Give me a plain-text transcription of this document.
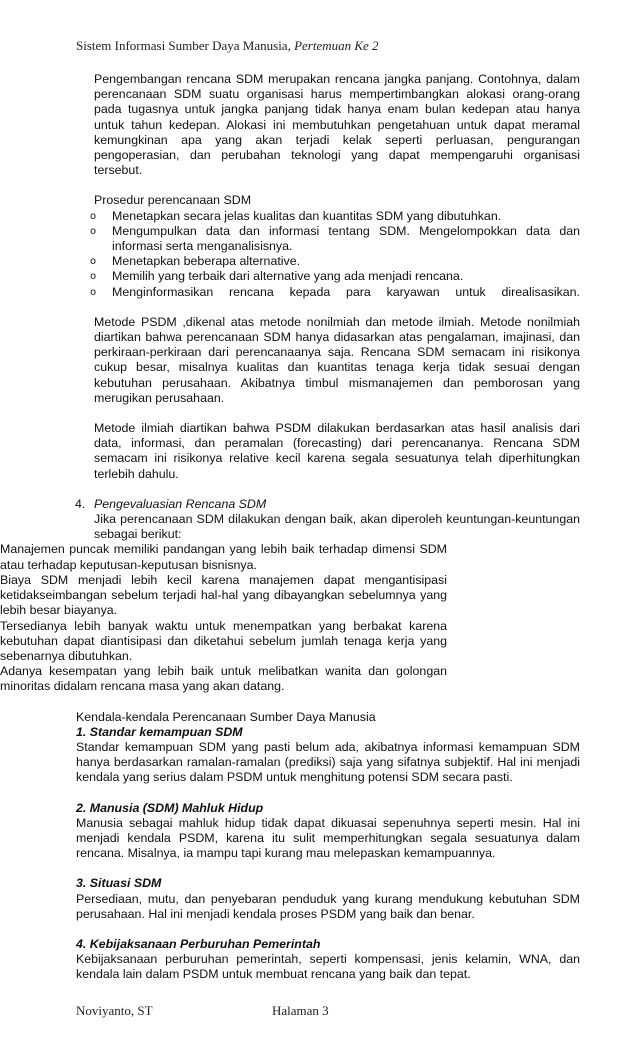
Sistem Informasi Sumber Daya Manusia, Pertemuan Ke 2

Pengembangan rencana SDM merupakan rencana jangka panjang. Contohnya, dalam perencanaan SDM suatu organisasi harus mempertimbangkan alokasi orang-orang pada tugasnya untuk jangka panjang tidak hanya enam bulan kedepan atau hanya untuk tahun kedepan. Alokasi ini membutuhkan pengetahuan untuk dapat meramal kemungkinan apa yang akan terjadi kelak seperti perluasan, pengurangan pengoperasian, dan perubahan teknologi yang dapat mempengaruhi organisasi tersebut.

Prosedur perencanaan SDM

o Menetapkan secara jelas kualitas dan kuantitas SDM yang dibutuhkan.
o Mengumpulkan data dan informasi tentang SDM. Mengelompokkan data dan informasi serta menganalisisnya.
o Menetapkan beberapa alternative.
o Memilih yang terbaik dari alternative yang ada menjadi rencana.
o Menginformasikan rencana kepada para karyawan untuk direalisasikan.

Metode PSDM ,dikenal atas metode nonilmiah dan metode ilmiah. Metode nonilmiah diartikan bahwa perencanaan SDM hanya didasarkan atas pengalaman, imajinasi, dan perkiraan-perkiraan dari perencanaanya saja. Rencana SDM semacam ini risikonya cukup besar, misalnya kualitas dan kuantitas tenaga kerja tidak sesuai dengan kebutuhan perusahaan. Akibatnya timbul mismanajemen dan pemborosan yang merugikan perusahaan.

Metode ilmiah diartikan bahwa PSDM dilakukan berdasarkan atas hasil analisis dari data, informasi, dan peramalan (forecasting) dari perencananya. Rencana SDM semacam ini risikonya relative kecil karena segala sesuatunya telah diperhitungkan terlebih dahulu.

4. Pengevaluasian Rencana SDM

Jika perencanaan SDM dilakukan dengan baik, akan diperoleh keuntungan-keuntungan sebagai berikut:

Manajemen puncak memiliki pandangan yang lebih baik terhadap dimensi SDM atau terhadap keputusan-keputusan bisnisnya.
Biaya SDM menjadi lebih kecil karena manajemen dapat mengantisipasi ketidakseimbangan sebelum terjadi hal-hal yang dibayangkan sebelumnya yang lebih besar biayanya.
Tersedianya lebih banyak waktu untuk menempatkan yang berbakat karena kebutuhan dapat diantisipasi dan diketahui sebelum jumlah tenaga kerja yang sebenarnya dibutuhkan.
Adanya kesempatan yang lebih baik untuk melibatkan wanita dan golongan minoritas didalam rencana masa yang akan datang.

Kendala-kendala Perencanaan Sumber Daya Manusia

1. Standar kemampuan SDM

Standar kemampuan SDM yang pasti belum ada, akibatnya informasi kemampuan SDM hanya berdasarkan ramalan-ramalan (prediksi) saja yang sifatnya subjektif. Hal ini menjadi kendala yang serius dalam PSDM untuk menghitung potensi SDM secara pasti.

2. Manusia (SDM) Mahluk Hidup

Manusia sebagai mahluk hidup tidak dapat dikuasai sepenuhnya seperti mesin. Hal ini menjadi kendala PSDM, karena itu sulit memperhitungkan segala sesuatunya dalam rencana. Misalnya, ia mampu tapi kurang mau melepaskan kemampuannya.

3. Situasi SDM

Persediaan, mutu, dan penyebaran penduduk yang kurang mendukung kebutuhan SDM perusahaan. Hal ini menjadi kendala proses PSDM yang baik dan benar.

4. Kebijaksanaan Perburuhan Pemerintah

Kebijaksanaan perburuhan pemerintah, seperti kompensasi, jenis kelamin, WNA, dan kendala lain dalam PSDM untuk membuat rencana yang baik dan tepat.

Noviyanto, ST	Halaman 3
